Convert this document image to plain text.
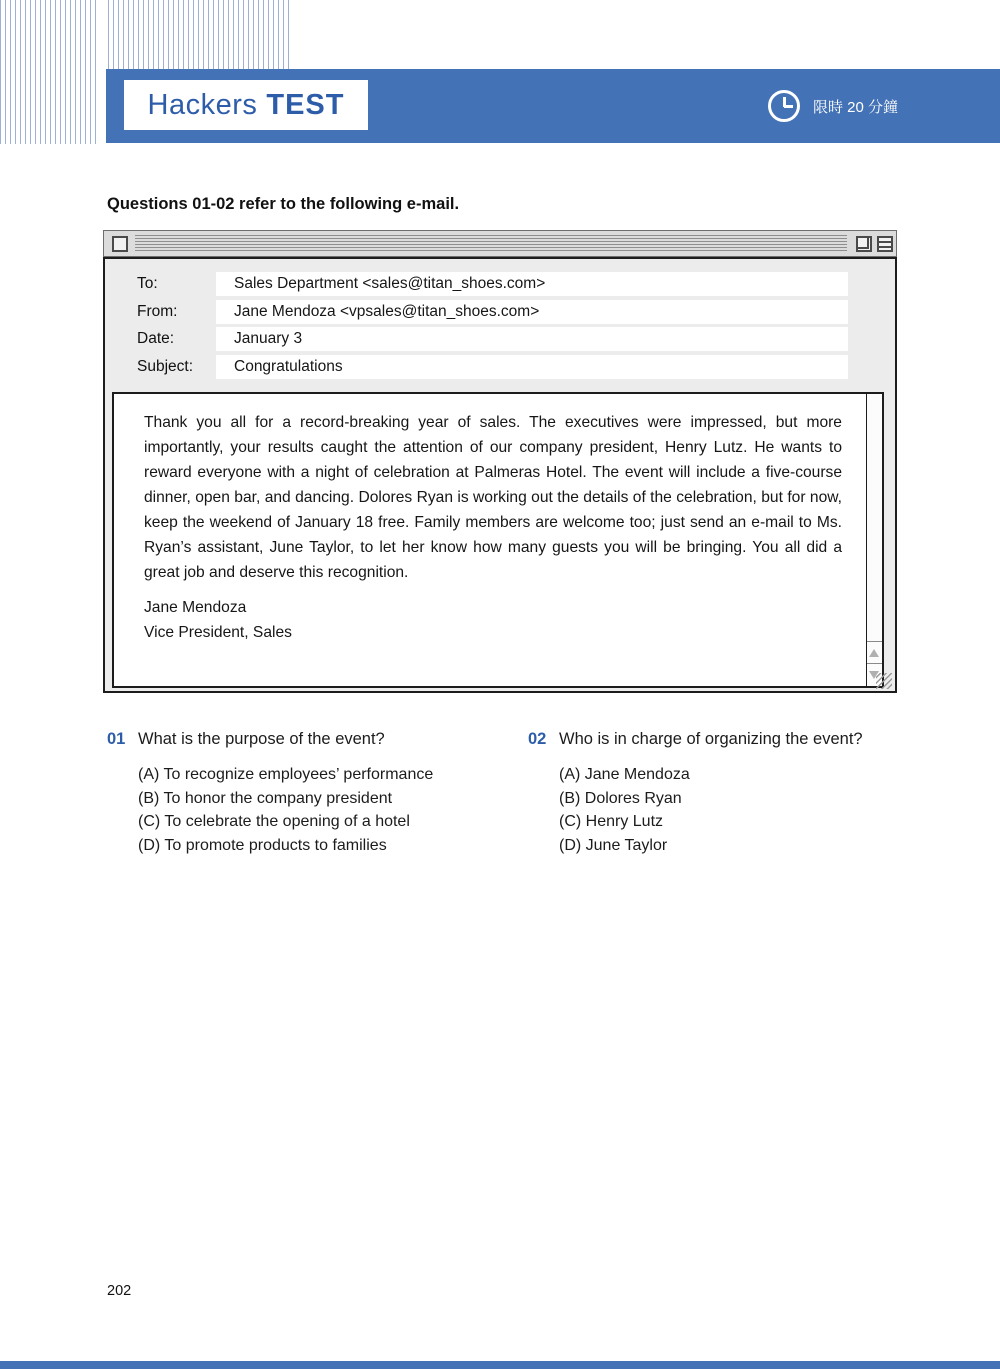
Hackers TEST	限時 20 分鐘
Questions 01-02 refer to the following e-mail.
To:	Sales Department <sales@titan_shoes.com>
From:	Jane Mendoza <vpsales@titan_shoes.com>
Date:	January 3
Subject:	Congratulations
Thank you all for a record-breaking year of sales. The executives were impressed, but more importantly, your results caught the attention of our company president, Henry Lutz. He wants to reward everyone with a night of celebration at Palmeras Hotel. The event will include a five-course dinner, open bar, and dancing. Dolores Ryan is working out the details of the celebration, but for now, keep the weekend of January 18 free. Family members are welcome too; just send an e-mail to Ms. Ryan’s assistant, June Taylor, to let her know how many guests you will be bringing. You all did a great job and deserve this recognition.
Jane Mendoza
Vice President, Sales
01 What is the purpose of the event?
(A) To recognize employees’ performance
(B) To honor the company president
(C) To celebrate the opening of a hotel
(D) To promote products to families
02 Who is in charge of organizing the event?
(A) Jane Mendoza
(B) Dolores Ryan
(C) Henry Lutz
(D) June Taylor
202
